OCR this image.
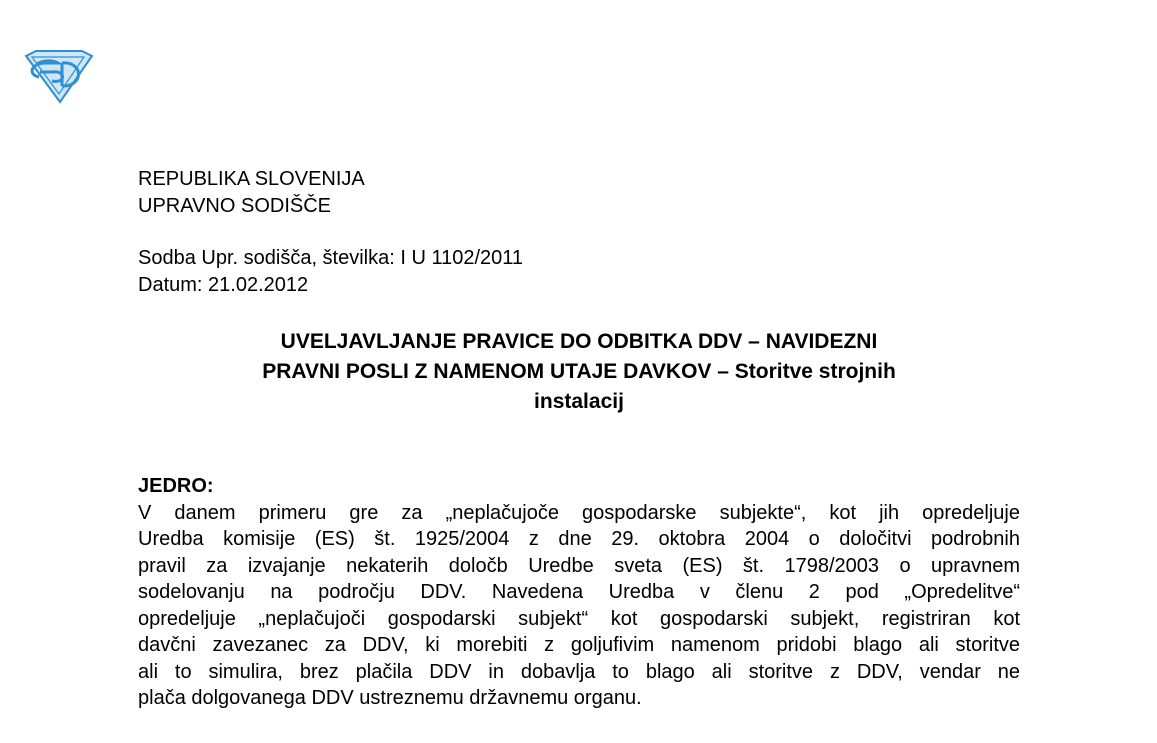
REPUBLIKA SLOVENIJA
UPRAVNO SODIŠČE
Sodba Upr. sodišča, številka: I U 1102/2011
Datum: 21.02.2012
UVELJAVLJANJE PRAVICE DO ODBITKA DDV – NAVIDEZNI
PRAVNI POSLI Z NAMENOM UTAJE DAVKOV – Storitve strojnih
instalacij
JEDRO:

V danem primeru gre za „neplačujoče gospodarske subjekte“, kot jih opredeljuje

Uredba komisije (ES) št. 1925/2004 z dne 29. oktobra 2004 o določitvi podrobnih

pravil za izvajanje nekaterih določb Uredbe sveta (ES) št. 1798/2003 o upravnem

sodelovanju na področju DDV. Navedena Uredba v členu 2 pod „Opredelitve“

opredeljuje „neplačujoči gospodarski subjekt“ kot gospodarski subjekt, registriran kot

davčni zavezanec za DDV, ki morebiti z goljufivim namenom pridobi blago ali storitve

ali to simulira, brez plačila DDV in dobavlja to blago ali storitve z DDV, vendar ne

plača dolgovanega DDV ustreznemu državnemu organu.
